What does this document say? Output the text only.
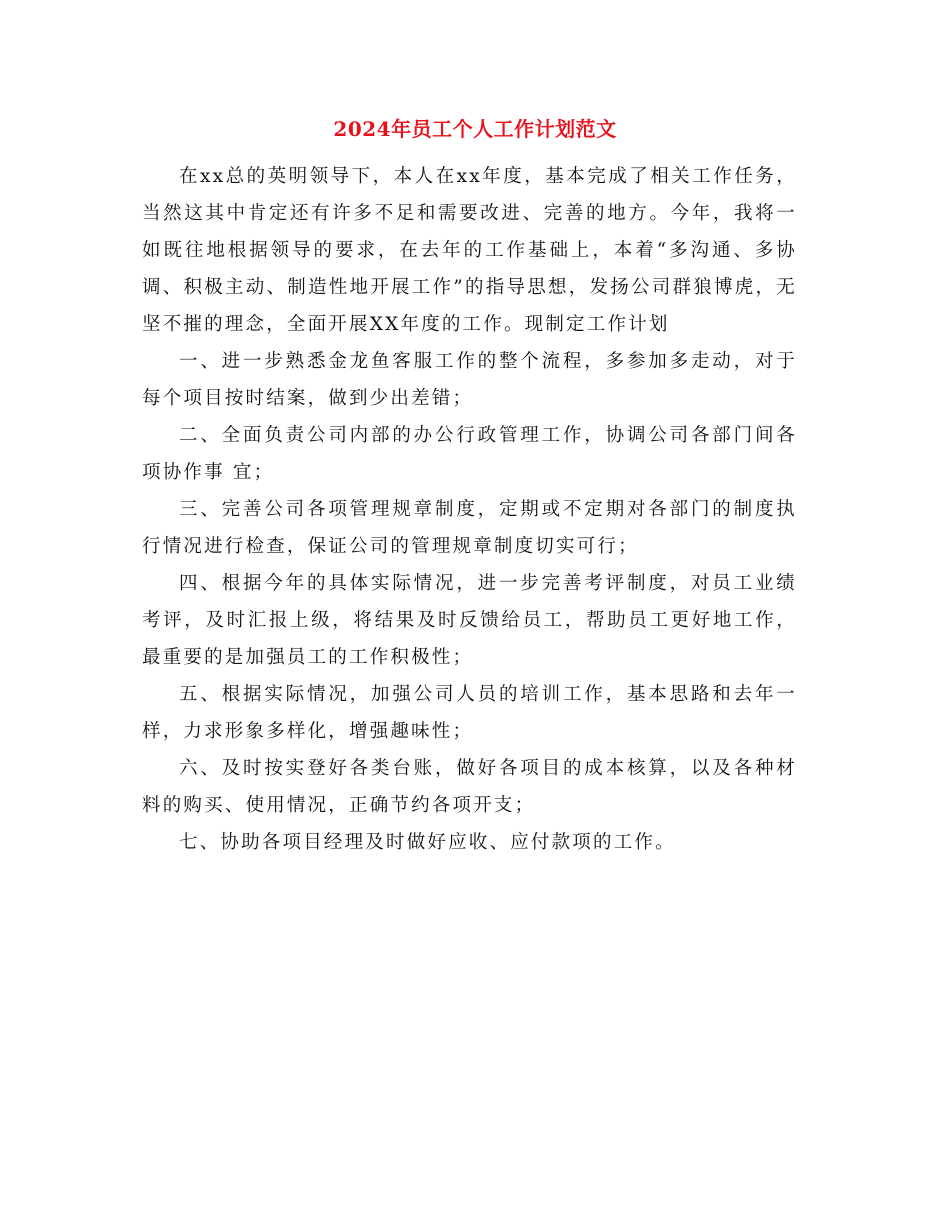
2024年员工个人工作计划范文

在xx总的英明领导下，本人在xx年度，基本完成了相关工作任务，当然这其中肯定还有许多不足和需要改进、完善的地方。今年，我将一如既往地根据领导的要求，在去年的工作基础上，本着“多沟通、多协调、积极主动、制造性地开展工作”的指导思想，发扬公司群狼博虎，无坚不摧的理念，全面开展XX年度的工作。现制定工作计划

一、进一步熟悉金龙鱼客服工作的整个流程，多参加多走动，对于每个项目按时结案，做到少出差错；

二、全面负责公司内部的办公行政管理工作，协调公司各部门间各项协作事 宜；

三、完善公司各项管理规章制度，定期或不定期对各部门的制度执行情况进行检查，保证公司的管理规章制度切实可行；

四、根据今年的具体实际情况，进一步完善考评制度，对员工业绩考评，及时汇报上级，将结果及时反馈给员工，帮助员工更好地工作，最重要的是加强员工的工作积极性；

五、根据实际情况，加强公司人员的培训工作，基本思路和去年一样，力求形象多样化，增强趣味性；

六、及时按实登好各类台账，做好各项目的成本核算，以及各种材料的购买、使用情况，正确节约各项开支；

七、协助各项目经理及时做好应收、应付款项的工作。
